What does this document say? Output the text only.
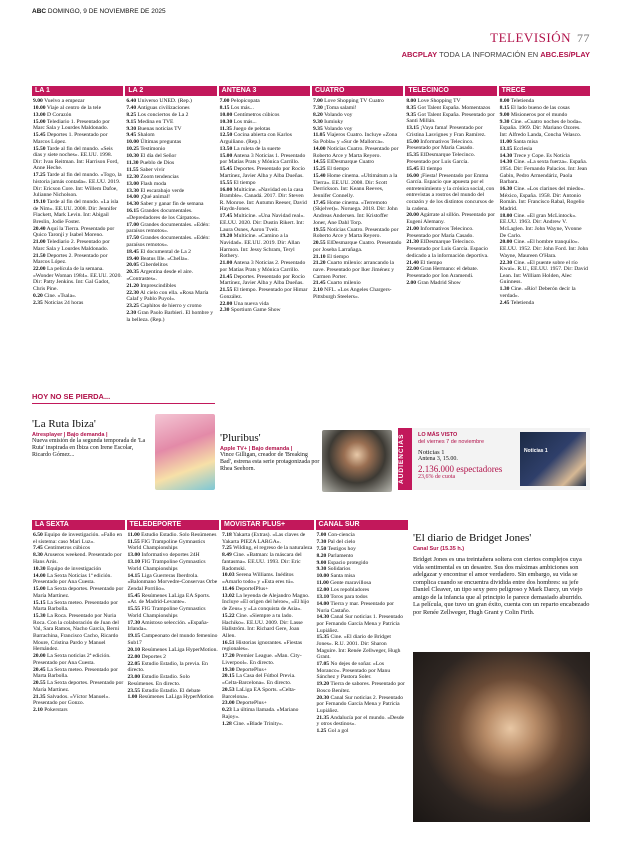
ABC DOMINGO, 9 DE NOVIEMBRE DE 2025
TELEVISIÓN 77
ABCPLAY TODA LA INFORMACIÓN EN ABC.ES/PLAY
LA 1

9.00 Vuelvo a empezar

10.00 Viaje al centro de la tele

13.00 D Corazón

15.00 Telediario 1. Presentado por Marc Sala y Lourdes Maldonado.

15.45 Deportes 1. Presentado por Marcos López.

15.50 Tarde al fin del mundo. «Seis días y siete noches». EE.UU. 1998. Dir: Ivan Reitman. Int: Harrison Ford, Anne Heche.

17.25 Tarde al fin del mundo. «Togo, la historia jamás contada». EE.UU. 2019. Dir: Ericson Core. Int: Willem Dafoe, Julianne Nicholson.

19.10 Tarde al fin del mundo. «La isla de Nim». EE.UU. 2008. Dir: Jennifer Flackett, Mark Levin. Int: Abigail Breslin, Jodie Foster.

20.40 Aquí la Tierra. Presentado por Quico Taronjí y Isabel Moreno.

21.00 Telediario 2. Presentado por Marc Sala y Lourdes Maldonado.

21.50 Deportes 2. Presentado por Marcos López.

22.00 La película de la semana. «Wonder Woman 1984». EE.UU. 2020. Dir: Patty Jenkins. Int: Gal Gadot, Chris Pine.

0.20 Cine. «Tsala».

2.35 Noticias 24 horas

LA 2

6.40 Universo UNED. (Rep.)

7.40 Antiguas civilizaciones

8.25 Los conciertos de La 2

9.15 Medina en TVE

9.30 Buenas noticias TV

9.45 Shalom

10.00 Últimas preguntas

10.25 Testimonio

10.30 El día del Señor

11.30 Pueblo de Dios

11.55 Saber vivir

12.30 Zoom tendencias

13.00 Flash moda

13.30 El escarabajo verde

14.00 ¡Qué animal!

14.30 Saber y ganar fin de semana

16.15 Grandes documentales. «Depredadores de los Cárpatos».

17.00 Grandes documentales. «Edén: paraísos remotos».

17.50 Grandes documentales. «Edén: paraísos remotos».

18.45 El documental de La 2

19.40 Beatus Ille. «Chella».

20.05 Ciberdelitos

20.35 Argentina desde el aire. «Contrastes».

21.20 Imprescindibles

22.30 Al cielo con ella. «Rosa María Calaf y Pablo Puyol».

23.25 Caphitos de hierro y cromo

2.30 Gran Paolo Barbieri. El hombre y la belleza. (Rep.)

ANTENA 3

7.00 Pelopicopata

8.15 Los más...

10.00 Centímetros cúbicos

10.30 Los más...

11.35 Juego de pelotas

12.50 Cocina abierta con Karlos Arguiñano. (Rep.)

13.50 La ruleta de la suerte

15.00 Antena 3 Noticias 1. Presentado por Matías Prats y Mónica Carrillo.

15.45 Deportes. Presentado por Rocío Martínez, Javier Alba y Alba Dueñas.

15.55 El tiempo

16.00 Multicine. «Navidad en la casa Bramble». Canadá. 2017. Dir: Steven R. Monroe. Int: Autumn Reeser, David Haydn-Jones.

17.45 Multicine. «Una Navidad real». EE.UU. 2020. Dir: Dustin Rikert. Int: Laura Osnes, Aaron Tveit.

19.20 Multicine. «Camino a la Navidad». EE.UU. 2019. Dir: Allan Harmon. Int: Jessy Schram, Teryl Rothery.

21.00 Antena 3 Noticias 2. Presentado por Matías Prats y Mónica Carrillo.

21.45 Deportes. Presentado por Rocío Martínez, Javier Alba y Alba Dueñas.

21.55 El tiempo. Presentado por Himar González.

22.00 Una nueva vida

2.30 Sportium Game Show

CUATRO

7.00 Love Shopping TV Cuatro

7.30 ¡Toma salami!

8.20 Volando voy

9.30 Iumiuky

9.35 Volando voy

11.05 Viajeros Cuatro. Incluye «Zona Sa Pobla» y «Sur de Mallorca».

14.00 Noticias Cuatro. Presentado por Roberto Arce y Marta Reyero.

14.55 ElDesmarque Cuatro

15.25 El tiempo

15.40 Home cinema. «Ultimátum a la Tierra». EE.UU. 2008. Dir: Scott Derrickson. Int: Keanu Reeves, Jennifer Connelly.

17.45 Home cinema. «Terremoto (Skjelvet)». Noruega. 2018. Dir: John Andreas Andersen. Int: Kristoffer Joner, Ane Dahl Torp.

19.55 Noticias Cuatro. Presentado por Roberto Arce y Marta Reyero.

20.55 ElDesmarque Cuatro. Presentado por Joseba Larrañaga.

21.10 El tiempo

21.20 Cuarto milenio: arrancando la nave. Presentado por Iker Jiménez y Carmen Porter.

21.45 Cuarto milenio

2.10 NFL. «Los Angeles Chargers-Pittsburgh Steelers».

TELECINCO

8.00 Love Shopping TV

8.35 Got Talent España. Momentazos

9.35 Got Talent España. Presentado por Santi Millán.

13.15 ¡Vaya fama! Presentado por Cristina Lasvignes y Fran Ramírez.

15.00 Informativos Telecinco. Presentado por María Casado.

15.35 ElDesmarque Telecinco. Presentado por Luis García.

15.45 El tiempo

16.00 ¡Fiesta! Presentado por Emma García. Espacio que apuesta por el entretenimiento y la crónica social, con entrevistas a rostros del mundo del corazón y de los distintos concursos de la cadena.

20.00 Agárrate al sillón. Presentado por Eugeni Alemany.

21.00 Informativos Telecinco. Presentado por María Casado.

21.30 ElDesmarque Telecinco. Presentado por Luis García. Espacio dedicado a la información deportiva.

21.40 El tiempo

22.00 Gran Hermano: el debate. Presentado por Ion Aramendi.

2.00 Gran Madrid Show

TRECE

8.00 Teletienda

8.15 El lado bueno de las cosas

9.00 Misioneros por el mundo

9.30 Cine. «Cuatro noches de boda». España. 1969. Dir: Mariano Ozores. Int: Alfredo Landa, Concha Velasco.

11.00 Santa misa

13.15 Ecclesia

14.30 Trece y Cope. Es Noticia

14.30 Cine. «La sexta fuerza». España. 1954. Dir: Fernando Palacios. Int: Jean Gabin, Pedro Armendáriz, Paola Barbara.

16.30 Cine. «Los clarines del miedo». México, España. 1958. Dir: Antonio Román. Int: Francisco Rabal, Rogelio Madrid.

18.00 Cine. «El gran McLintock». EE.UU. 1963. Dir: Andrew V. McLaglen. Int: John Wayne, Yvonne De Carlo.

20.00 Cine. «El hombre tranquilo». EE.UU. 1952. Dir: John Ford. Int: John Wayne, Maureen O'Hara.

22.30 Cine. «El puente sobre el río Kwai». R.U., EE.UU. 1957. Dir: David Lean. Int: William Holden, Alec Guinness.

1.30 Cine. «Río! Deberón decir la verdad».

2.45 Teletienda

HOY NO SE PIERDA...
'La Ruta Ibiza'
Atresplayer | Bajo demanda |
Nueva emisión de la segunda temporada de 'La Ruta' inspirada en Ibiza con Irene Escolar, Ricardo Gómez...
'Pluribus'
Apple TV+ | Bajo demanda |
Vince Gilligan, creador de 'Breaking Bad', estrena esta serie protagonizada por Rhea Seehorn.	AUDIENCIAS	LO MÁS VISTO
del viernes 7 de noviembre
Noticias 1
Antena 3, 15.00.
2.136.000 espectadores
23,6% de cuota
Noticias 1
LA SEXTA

6.50 Equipo de investigación. «Fallo en el sistema: caso Mari Luz».

7.45 Centímetros cúbicos

8.30 Aruseros weekend. Presentado por Hans Arús.

10.30 Equipo de investigación

14.00 La Sexta Noticias 1ª edición. Presentado por Ana Cuesta.

15.00 La Sexta deportes. Presentado por María Martínez.

15.15 La Sexta meteo. Presentado por Marta Barbolla.

15.30 La Roca. Presentado por Nuria Roca. Con la colaboración de Juan del Val, Sara Ramos, Nacho García, Berni Barrachina, Francisco Cacho, Ricardo Moure, Cristina Pardo y Manuel Hernández.

20.00 La Sexta noticias 2ª edición. Presentado por Ana Cuesta.

20.45 La Sexta meteo. Presentado por Marta Barbolla.

20.55 La Sexta deportes. Presentado por María Martínez.

21.35 Salvados. «Víctor Manuel». Presentado por Gonzo.

2.10 Pokerstars

TELEDEPORTE

11.00 Estudio Estadio. Solo Resúmenes

11.55 FIG Trampoline Gymnastics World Championships

13.00 Informativo deportes 24H

13.10 FIG Trampoline Gymnastics World Championships

14.15 Liga Guerreras Iberdrola. «Balonmano Morvedre-Conservas Orbe Zendal Porriño».

15.45 Resúmenes LaLiga EA Sports. «At. de Madrid-Levante».

15.55 FIG Trampoline Gymnastics World Championships

17.30 Amistoso selección. «España-Irlanda».

19.15 Campeonato del mundo femenino Sub17

20.10 Resúmenes LaLiga HyperMotion.

22.00 Deportes 2

22.05 Estudio Estadio, la previa. En directo.

23.00 Estudio Estadio. Solo Resúmenes. En directo.

23.55 Estudio Estadio. El debate

1.00 Resúmenes LaLiga HyperMotion

MOVISTAR PLUS+

7.18 Yakarta (Extras). «Las claves de Yakarta PIEZA LARGA».

7.25 Wilding, el regreso de la naturaleza

8.49 Cine. «Batman: la máscara del fantasma». EE.UU. 1993. Dir: Eric Radomski.

10.03 Serena Williams. Inéditos «Amarlo todo» y «Esta eres tú».

11.46 DeporteIPlus+

13.02 La leyenda de Alejandro Magno. Incluye «El origen del héroe», «El hijo de Zeus» y «La conquista de Asia».

15.22 Cine. «Siempre a tu lado. Hachiko». EE.UU. 2009. Dir: Lasse Hallström. Int: Richard Gere, Joan Allen.

16.51 Historias ignorantes. «Fiestas regionales».

17.20 Premier League. «Man. City-Liverpool». En directo.

19.30 DeportePlus+

20.15 La Casa del Fútbol Previa. «Celta-Barcelona». En directo.

20.53 LaLiga EA Sports. «Celta-Barcelona».

23.00 DeportePlus+

0.23 La última llamada. «Mariano Rajoy».

1.28 Cine. «Blade Trinity».

CANAL SUR

7.00 Con-ciencia

7.30 Pal del cielo

7.50 Testigos hoy

8.20 Parlamento

9.00 Espacio protegido

9.30 Solidarios

10.00 Santa misa

11.00 Gente maravillosa

12.00 Los repobladores

13.10 Toros para todos

14.00 Tierra y mar. Presentado por Nuria Castaño.

14.30 Canal Sur noticias 1. Presentado por Fernando García Mena y Patricia Lupiáñez.

15.35 Cine. «El diario de Bridget Jones». R.U. 2001. Dir: Sharon Maguire. Int: Renée Zellweger, Hugh Grant.

17.05 No dejes de soñar. «Los Moranco». Presentado por Manu Sánchez y Pastora Soler.

19.20 Tierra de sabores. Presentado por Bosco Benítez.

20.30 Canal Sur noticias 2. Presentado por Fernando García Mena y Patricia Lupiáñez.

21.35 Andalucía por el mundo. «Desde y otros destinos».

1.25 Gol a gol

'El diario de Bridget Jones'
Canal Sur (15.35 h.)
Bridget Jones es una treintañera soltera con ciertos complejos cuya vida sentimental es un desastre. Sus dos máximas ambiciones son adelgazar y encontrar el amor verdadero. Sin embargo, su vida se complica cuando se encuentra dividida entre dos hombres: su jefe Daniel Cleaver, un tipo sexy pero peligroso y Mark Darcy, un viejo amigo de la infancia que al principio le parece demasiado aburrido. La película, que tuvo un gran éxito, cuenta con un reparto encabezado por Renée Zellweger, Hugh Grant y Colin Firth.
